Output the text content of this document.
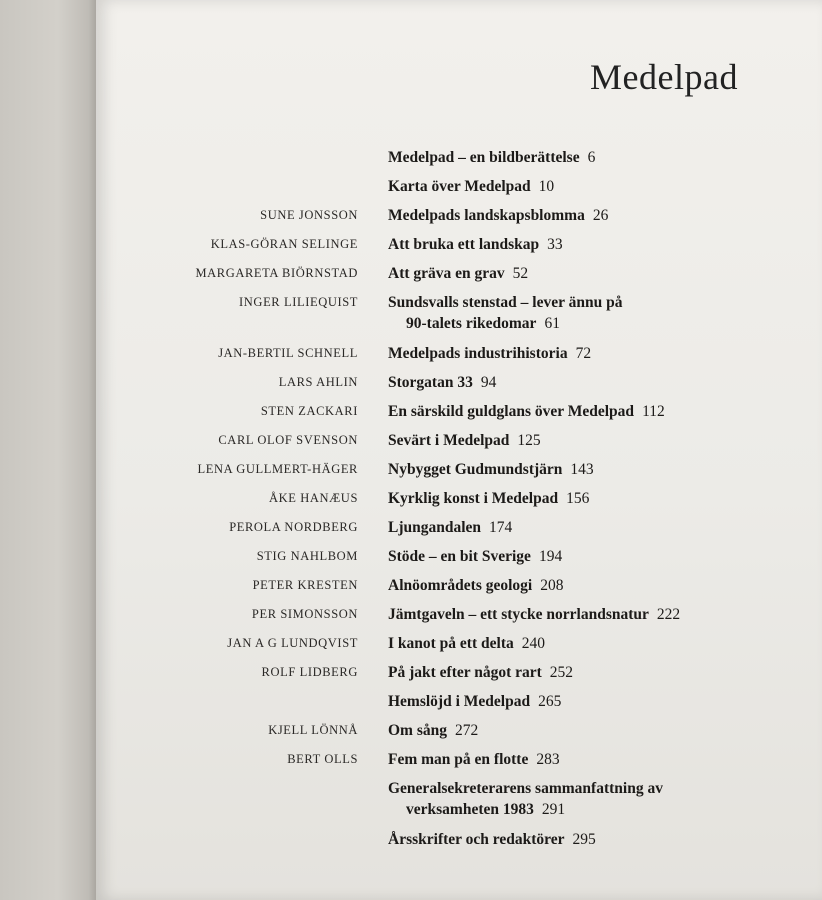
Medelpad
Medelpad – en bildberättelse 6
Karta över Medelpad 10
SUNE JONSSON Medelpads landskapsblomma 26
KLAS-GÖRAN SELINGE Att bruka ett landskap 33
MARGARETA BIÖRNSTAD Att gräva en grav 52
INGER LILIEQUIST Sundsvalls stenstad – lever ännu på
90-talets rikedomar 61
JAN-BERTIL SCHNELL Medelpads industrihistoria 72
LARS AHLIN Storgatan 33 94
STEN ZACKARI En särskild guldglans över Medelpad 112
CARL OLOF SVENSON Sevärt i Medelpad 125
LENA GULLMERT-HÄGER Nybygget Gudmundstjärn 143
ÅKE HANÆUS Kyrklig konst i Medelpad 156
PEROLA NORDBERG Ljungandalen 174
STIG NAHLBOM Stöde – en bit Sverige 194
PETER KRESTEN Alnöområdets geologi 208
PER SIMONSSON Jämtgaveln – ett stycke norrlandsnatur 222
JAN A G LUNDQVIST I kanot på ett delta 240
ROLF LIDBERG På jakt efter något rart 252
Hemslöjd i Medelpad 265
KJELL LÖNNÅ Om sång 272
BERT OLLS Fem man på en flotte 283
Generalsekreterarens sammanfattning av
verksamheten 1983 291
Årsskrifter och redaktörer 295
